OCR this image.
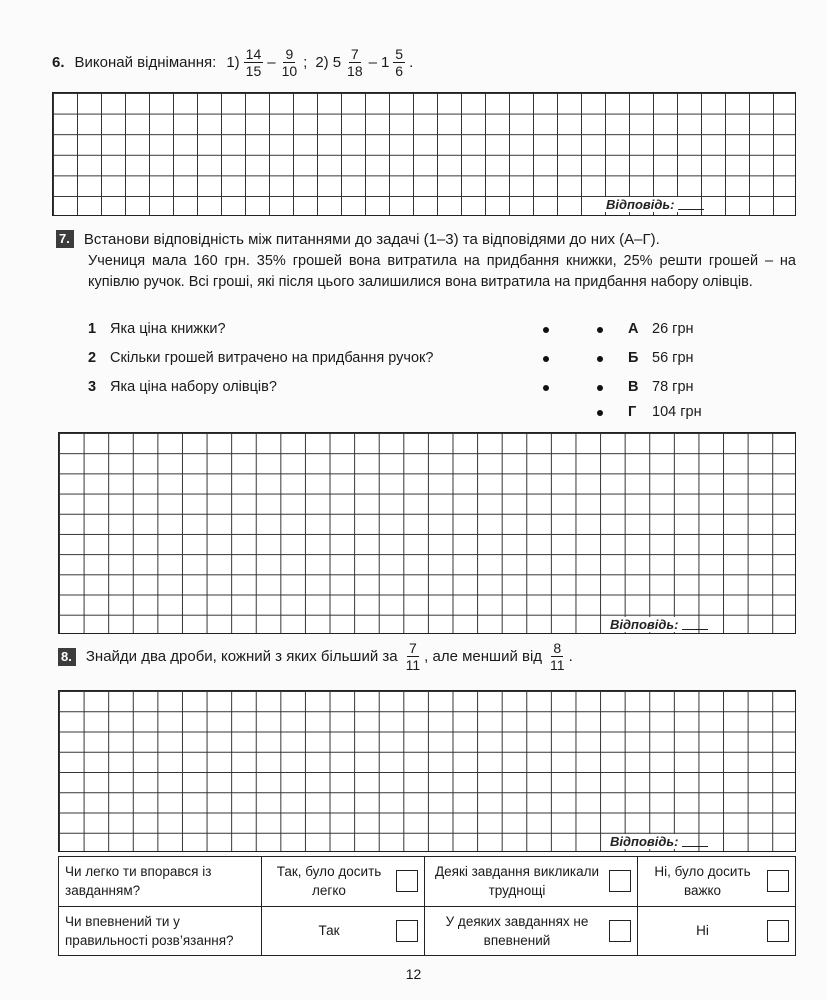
6. Виконай віднімання: $1) \frac{14}{15} - \frac{9}{10}$ ; 2) $5 \frac{7}{18} - 1 \frac{5}{6}$ .
Відповідь:
7. Встанови відповідність між питаннями до задачі (1–3) та відповідями до них (А–Г).
Учениця мала 160 грн. 35% грошей вона витратила на придбання книжки, 25% решти грошей – на купівлю ручок. Всі гроші, які після цього залишилися вона витратила на придбання набору олівців.
1 Яка ціна книжки?
2 Скільки грошей витрачено на придбання ручок?
3 Яка ціна набору олівців?
А 26 грн
Б 56 грн
В 78 грн
Г 104 грн
Відповідь:
8. Знайди два дроби, кожний з яких більший за $\frac{7}{11}$ , але менший від $\frac{8}{11}$ .
Відповідь:
Чи легко ти впорався із завданням?	Так, було досить легко	Деякі завдання викликали труднощі	Ні, було досить важко

Чи впевнений ти у правильності розв’язання?	Так	У деяких завданнях не впевнений	Ні
12
